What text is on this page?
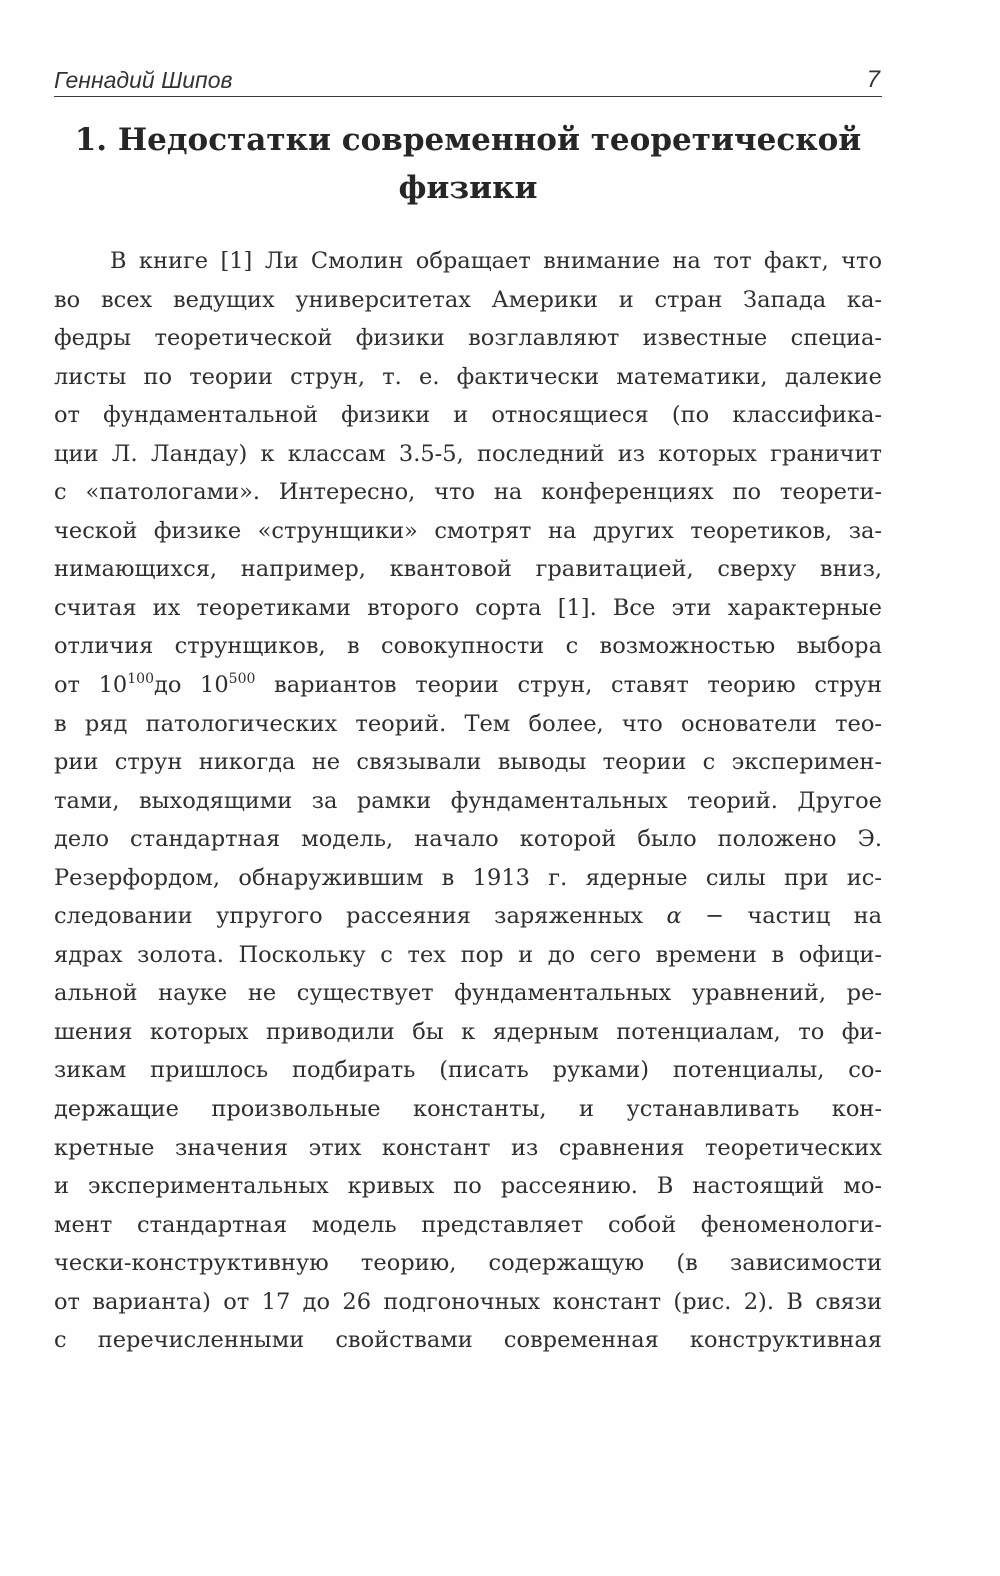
Геннадий Шипов	7
1. Недостатки современной теоретической
физики
В книге [1] Ли Смолин обращает внимание на тот факт, что
во всех ведущих университетах Америки и стран Запада ка-
федры теоретической физики возглавляют известные специа-
листы по теории струн, т. е. фактически математики, далекие
от фундаментальной физики и относящиеся (по классифика-
ции Л. Ландау) к классам 3.5-5, последний из которых граничит
с «патологами». Интересно, что на конференциях по теорети-
ческой физике «струнщики» смотрят на других теоретиков, за-
нимающихся, например, квантовой гравитацией, сверху вниз,
считая их теоретиками второго сорта [1]. Все эти характерные
отличия струнщиков, в совокупности с возможностью выбора
от $10^{100}до$ $10^{500}$ вариантов теории струн, ставят теорию струн
в ряд патологических теорий. Тем более, что основатели тео-
рии струн никогда не связывали выводы теории с эксперимен-
тами, выходящими за рамки фундаментальных теорий. Другое
дело стандартная модель, начало которой было положено Э.
Резерфордом, обнаружившим в 1913 г. ядерные силы при ис-
следовании упругого рассеяния заряженных α − частиц на
ядрах золота. Поскольку с тех пор и до сего времени в офици-
альной науке не существует фундаментальных уравнений, ре-
шения которых приводили бы к ядерным потенциалам, то фи-
зикам пришлось подбирать (писать руками) потенциалы, со-
держащие произвольные константы, и устанавливать кон-
кретные значения этих констант из сравнения теоретических
и экспериментальных кривых по рассеянию. В настоящий мо-
мент стандартная модель представляет собой феноменологи-
чески-конструктивную теорию, содержащую (в зависимости
от варианта) от 17 до 26 подгоночных констант (рис. 2). В связи
с перечисленными свойствами современная конструктивная
